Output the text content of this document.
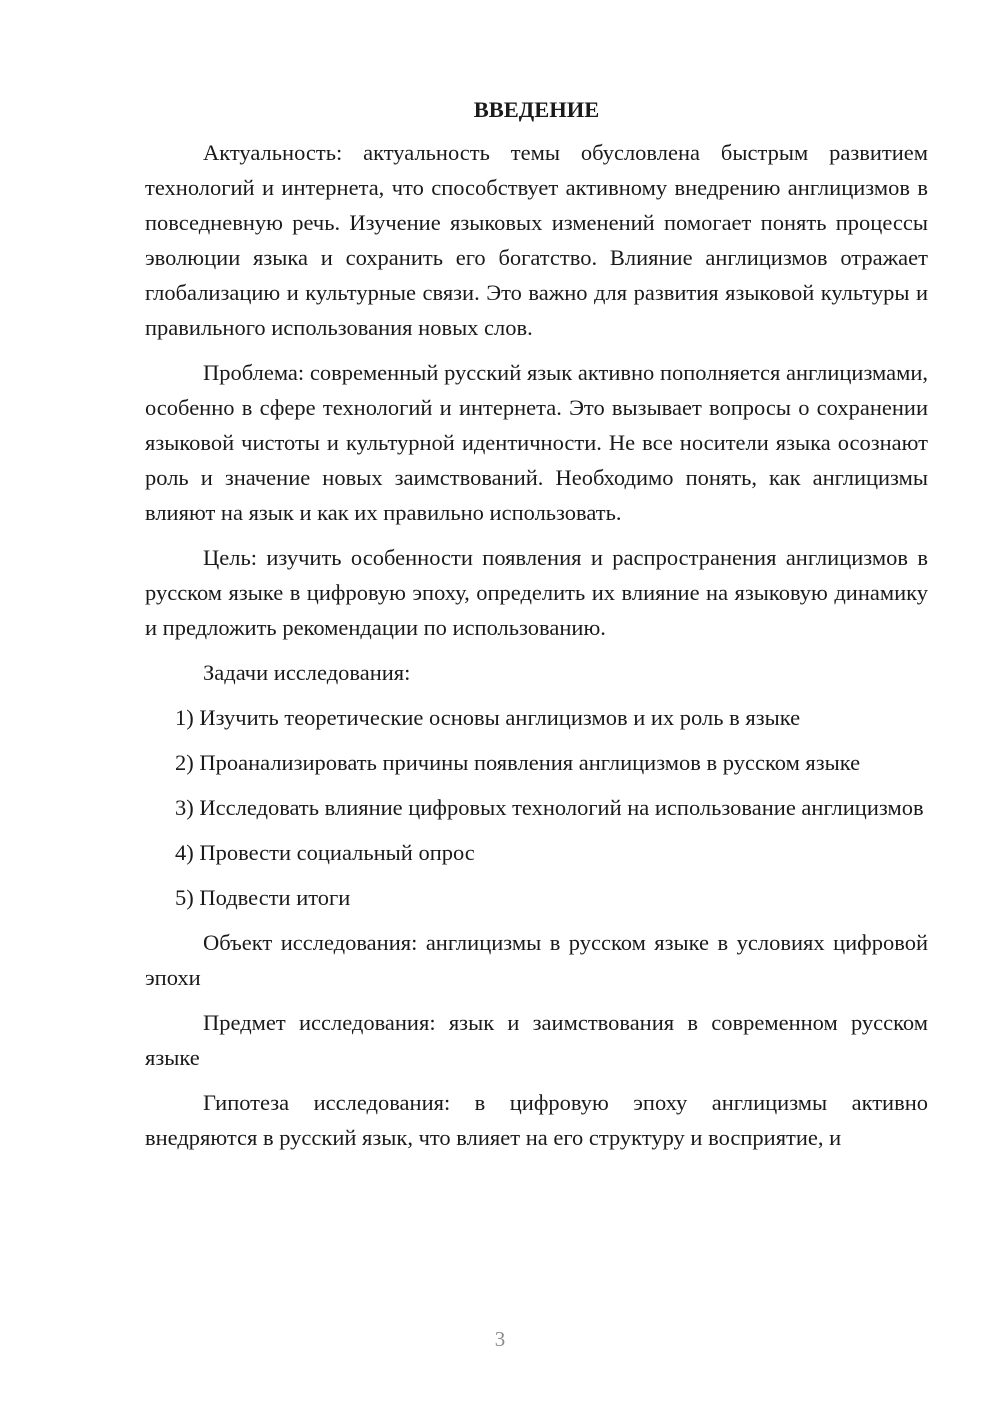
ВВЕДЕНИЕ

Актуальность: актуальность темы обусловлена быстрым развитием технологий и интернета, что способствует активному внедрению англицизмов в повседневную речь. Изучение языковых изменений помогает понять процессы эволюции языка и сохранить его богатство. Влияние англицизмов отражает глобализацию и культурные связи. Это важно для развития языковой культуры и правильного использования новых слов.

Проблема: современный русский язык активно пополняется англицизмами, особенно в сфере технологий и интернета. Это вызывает вопросы о сохранении языковой чистоты и культурной идентичности. Не все носители языка осознают роль и значение новых заимствований. Необходимо понять, как англицизмы влияют на язык и как их правильно использовать.

Цель: изучить особенности появления и распространения англицизмов в русском языке в цифровую эпоху, определить их влияние на языковую динамику и предложить рекомендации по использованию.

Задачи исследования:

1) Изучить теоретические основы англицизмов и их роль в языке

2) Проанализировать причины появления англицизмов в русском языке

3) Исследовать влияние цифровых технологий на использование англицизмов

4) Провести социальный опрос

5) Подвести итоги

Объект исследования: англицизмы в русском языке в условиях цифровой эпохи

Предмет исследования: язык и заимствования в современном русском языке

Гипотеза исследования: в цифровую эпоху англицизмы активно внедряются в русский язык, что влияет на его структуру и восприятие, и

3
